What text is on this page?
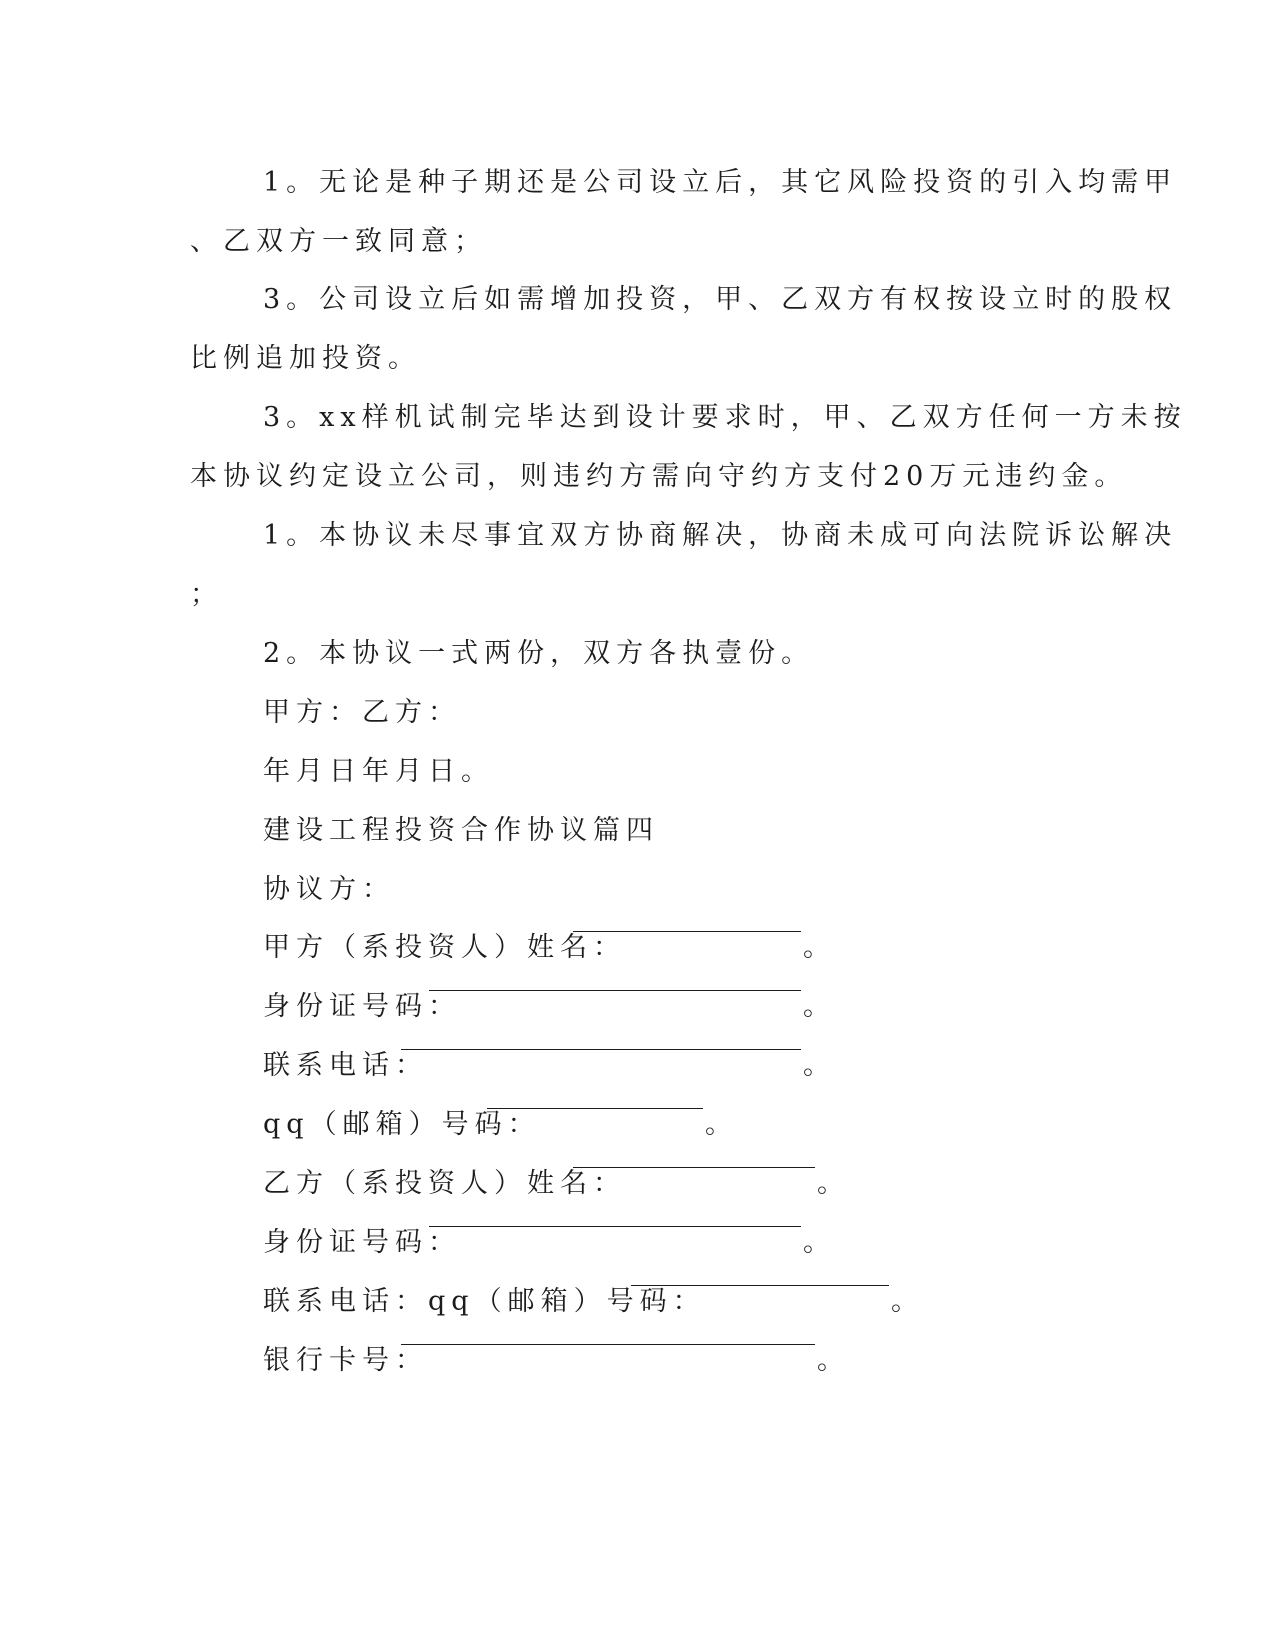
1。无论是种子期还是公司设立后，其它风险投资的引入均需甲
、乙双方一致同意；
3。公司设立后如需增加投资，甲、乙双方有权按设立时的股权
比例追加投资。
3。xx样机试制完毕达到设计要求时，甲、乙双方任何一方未按
本协议约定设立公司，则违约方需向守约方支付20万元违约金。
1。本协议未尽事宜双方协商解决，协商未成可向法院诉讼解决
；
2。本协议一式两份，双方各执壹份。
甲方：乙方：
年月日年月日。
建设工程投资合作协议篇四
协议方：
甲方（系投资人）姓名：	。
身份证号码：	。
联系电话：	。
qq（邮箱）号码：	。
乙方（系投资人）姓名：	。
身份证号码：	。
联系电话：qq（邮箱）号码：	。
银行卡号：	。
